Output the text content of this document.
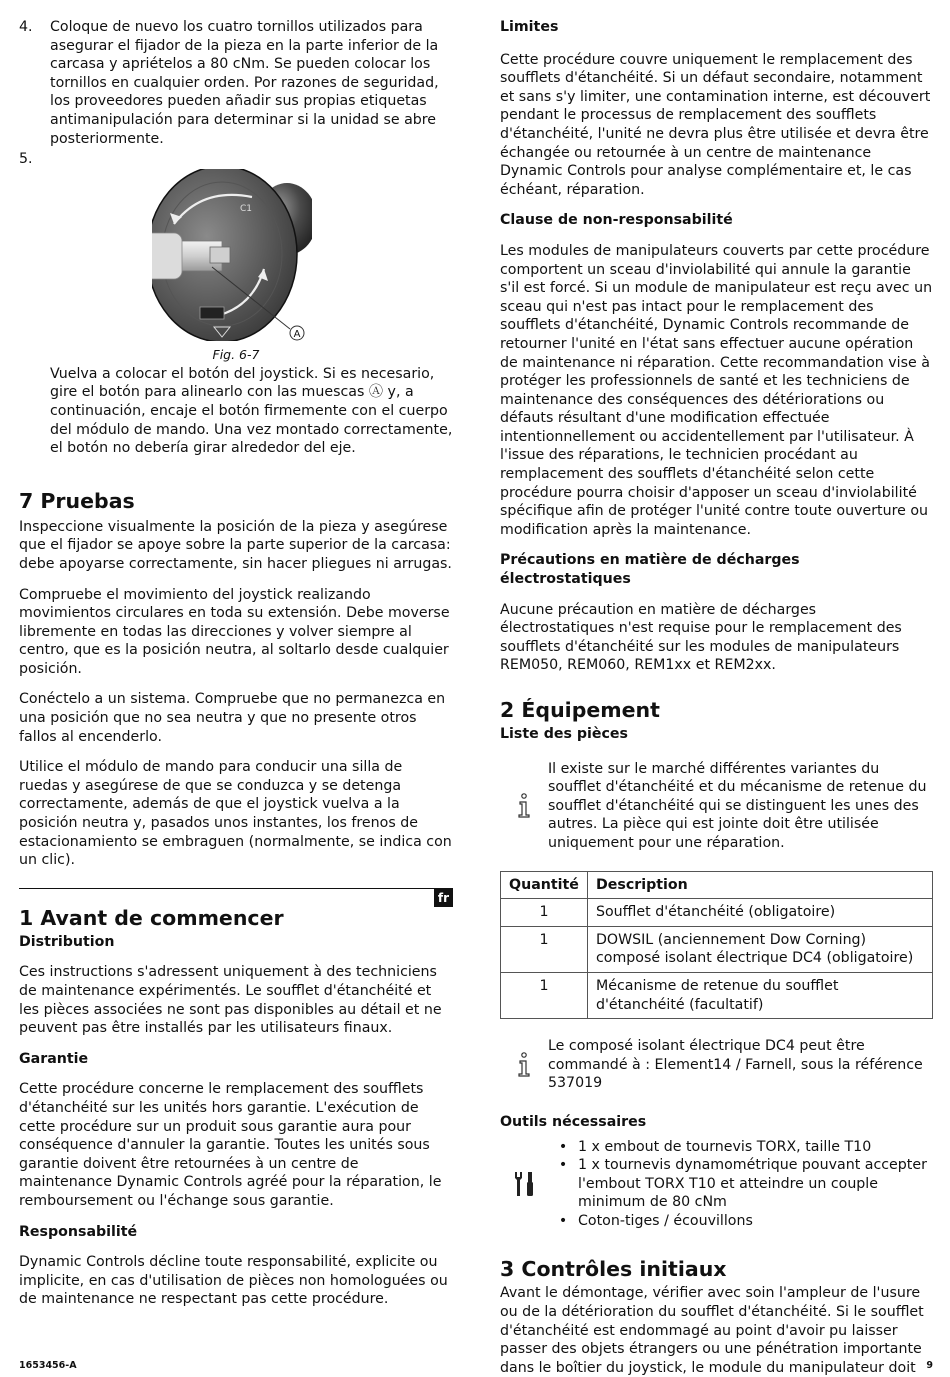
4.	Coloque de nuevo los cuatro tornillos utilizados para asegurar el fijador de la pieza en la parte inferior de la carcasa y apriételos a 80 cNm. Se pueden colocar los tornillos en cualquier orden. Por razones de seguridad, los proveedores pueden añadir sus propias etiquetas antimanipulación para determinar si la unidad se abre posteriormente.
5.
C1
A
Fig. 6-7

Vuelva a colocar el botón del joystick. Si es necesario, gire el botón para alinearlo con las muescas Ⓐ y, a continuación, encaje el botón firmemente con el cuerpo del módulo de mando. Una vez montado correctamente, el botón no debería girar alrededor del eje.

7 Pruebas

Inspeccione visualmente la posición de la pieza y asegúrese que el fijador se apoye sobre la parte superior de la carcasa: debe apoyarse correctamente, sin hacer pliegues ni arrugas.

Compruebe el movimiento del joystick realizando movimientos circulares en toda su extensión. Debe moverse libremente en todas las direcciones y volver siempre al centro, que es la posición neutra, al soltarlo desde cualquier posición.

Conéctelo a un sistema. Compruebe que no permanezca en una posición que no sea neutra y que no presente otros fallos al encenderlo.

Utilice el módulo de mando para conducir una silla de ruedas y asegúrese de que se conduzca y se detenga correctamente, además de que el joystick vuelva a la posición neutra y, pasados unos instantes, los frenos de estacionamiento se embraguen (normalmente, se indica con un clic).

fr
1 Avant de commencer
Distribution

Ces instructions s'adressent uniquement à des techniciens de maintenance expérimentés. Le soufflet d'étanchéité et les pièces associées ne sont pas disponibles au détail et ne peuvent pas être installés par les utilisateurs finaux.

Garantie

Cette procédure concerne le remplacement des soufflets d'étanchéité sur les unités hors garantie. L'exécution de cette procédure sur un produit sous garantie aura pour conséquence d'annuler la garantie. Toutes les unités sous garantie doivent être retournées à un centre de maintenance Dynamic Controls agréé pour la réparation, le remboursement ou l'échange sous garantie.

Responsabilité

Dynamic Controls décline toute responsabilité, explicite ou implicite, en cas d'utilisation de pièces non homologuées ou de maintenance ne respectant pas cette procédure.

Limites

Cette procédure couvre uniquement le remplacement des soufflets d'étanchéité. Si un défaut secondaire, notamment et sans s'y limiter, une contamination interne, est découvert pendant le processus de remplacement des soufflets d'étanchéité, l'unité ne devra plus être utilisée et devra être échangée ou retournée à un centre de maintenance Dynamic Controls pour analyse complémentaire et, le cas échéant, réparation.

Clause de non-responsabilité

Les modules de manipulateurs couverts par cette procédure comportent un sceau d'inviolabilité qui annule la garantie s'il est forcé. Si un module de manipulateur est reçu avec un sceau qui n'est pas intact pour le remplacement des soufflets d'étanchéité, Dynamic Controls recommande de retourner l'unité en l'état sans effectuer aucune opération de maintenance ni réparation. Cette recommandation vise à protéger les professionnels de santé et les techniciens de maintenance des conséquences des détériorations ou défauts résultant d'une modification effectuée intentionnellement ou accidentellement par l'utilisateur. À l'issue des réparations, le technicien procédant au remplacement des soufflets d'étanchéité selon cette procédure pourra choisir d'apposer un sceau d'inviolabilité spécifique afin de protéger l'unité contre toute ouverture ou modification après la maintenance.

Précautions en matière de décharges électrostatiques

Aucune précaution en matière de décharges électrostatiques n'est requise pour le remplacement des soufflets d'étanchéité sur les modules de manipulateurs REM050, REM060, REM1xx et REM2xx.

2 Équipement
Liste des pièces

Il existe sur le marché différentes variantes du soufflet d'étanchéité et du mécanisme de retenue du soufflet d'étanchéité qui se distinguent les unes des autres. La pièce qui est jointe doit être utilisée uniquement pour une réparation.

Quantité	Description
1	Soufflet d'étanchéité (obligatoire)
1	DOWSIL (anciennement Dow Corning) composé isolant électrique DC4 (obligatoire)
1	Mécanisme de retenue du soufflet d'étanchéité (facultatif)

Le composé isolant électrique DC4 peut être commandé à : Element14 / Farnell, sous la référence 537019

Outils nécessaires
• 1 x embout de tournevis TORX, taille T10
• 1 x tournevis dynamométrique pouvant accepter l'embout TORX T10 et atteindre un couple minimum de 80 cNm
• Coton-tiges / écouvillons
3 Contrôles initiaux

Avant le démontage, vérifier avec soin l'ampleur de l'usure ou de la détérioration du soufflet d'étanchéité. Si le soufflet d'étanchéité est endommagé au point d'avoir pu laisser passer des objets étrangers ou une pénétration importante dans le boîtier du joystick, le module du manipulateur doit

1653456-A	9
